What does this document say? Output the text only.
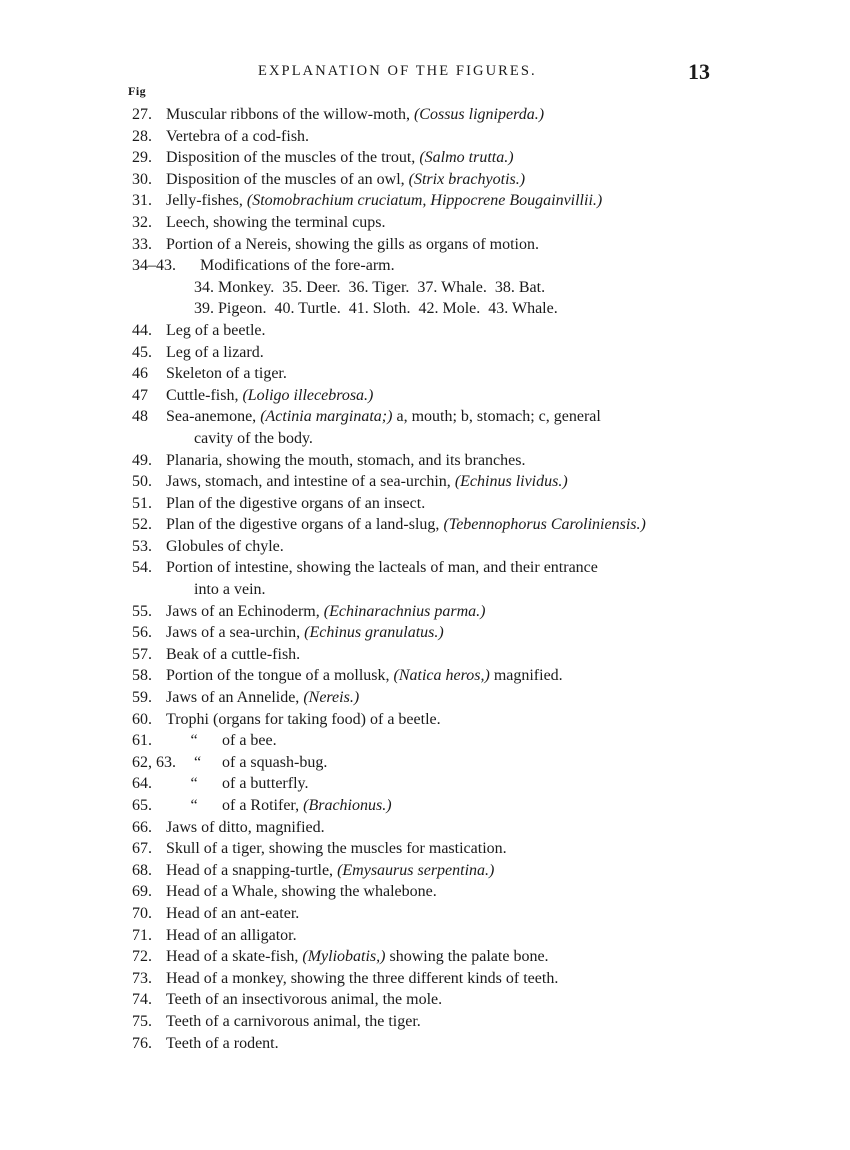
EXPLANATION OF THE FIGURES.	13
Fig
27. Muscular ribbons of the willow-moth, (Cossus ligniperda.)
28. Vertebra of a cod-fish.
29. Disposition of the muscles of the trout, (Salmo trutta.)
30. Disposition of the muscles of an owl, (Strix brachyotis.)
31. Jelly-fishes, (Stomobrachium cruciatum, Hippocrene Bougainvillii.)
32. Leech, showing the terminal cups.
33. Portion of a Nereis, showing the gills as organs of motion.
34–43. Modifications of the fore-arm.
34. Monkey.  35. Deer.  36. Tiger.  37. Whale.  38. Bat.
39. Pigeon.  40. Turtle.  41. Sloth.  42. Mole.  43. Whale.
44. Leg of a beetle.
45. Leg of a lizard.
46 Skeleton of a tiger.
47 Cuttle-fish, (Loligo illecebrosa.)
48 Sea-anemone, (Actinia marginata;) a, mouth; b, stomach; c, general
cavity of the body.
49. Planaria, showing the mouth, stomach, and its branches.
50. Jaws, stomach, and intestine of a sea-urchin, (Echinus lividus.)
51. Plan of the digestive organs of an insect.
52. Plan of the digestive organs of a land-slug, (Tebennophorus Caroliniensis.)
53. Globules of chyle.
54. Portion of intestine, showing the lacteals of man, and their entrance
into a vein.
55. Jaws of an Echinoderm, (Echinarachnius parma.)
56. Jaws of a sea-urchin, (Echinus granulatus.)
57. Beak of a cuttle-fish.
58. Portion of the tongue of a mollusk, (Natica heros,) magnified.
59. Jaws of an Annelide, (Nereis.)
60. Trophi (organs for taking food) of a beetle.
61. “ of a bee.
62, 63. “ of a squash-bug.
64. “ of a butterfly.
65. “ of a Rotifer, (Brachionus.)
66. Jaws of ditto, magnified.
67. Skull of a tiger, showing the muscles for mastication.
68. Head of a snapping-turtle, (Emysaurus serpentina.)
69. Head of a Whale, showing the whalebone.
70. Head of an ant-eater.
71. Head of an alligator.
72. Head of a skate-fish, (Myliobatis,) showing the palate bone.
73. Head of a monkey, showing the three different kinds of teeth.
74. Teeth of an insectivorous animal, the mole.
75. Teeth of a carnivorous animal, the tiger.
76. Teeth of a rodent.
